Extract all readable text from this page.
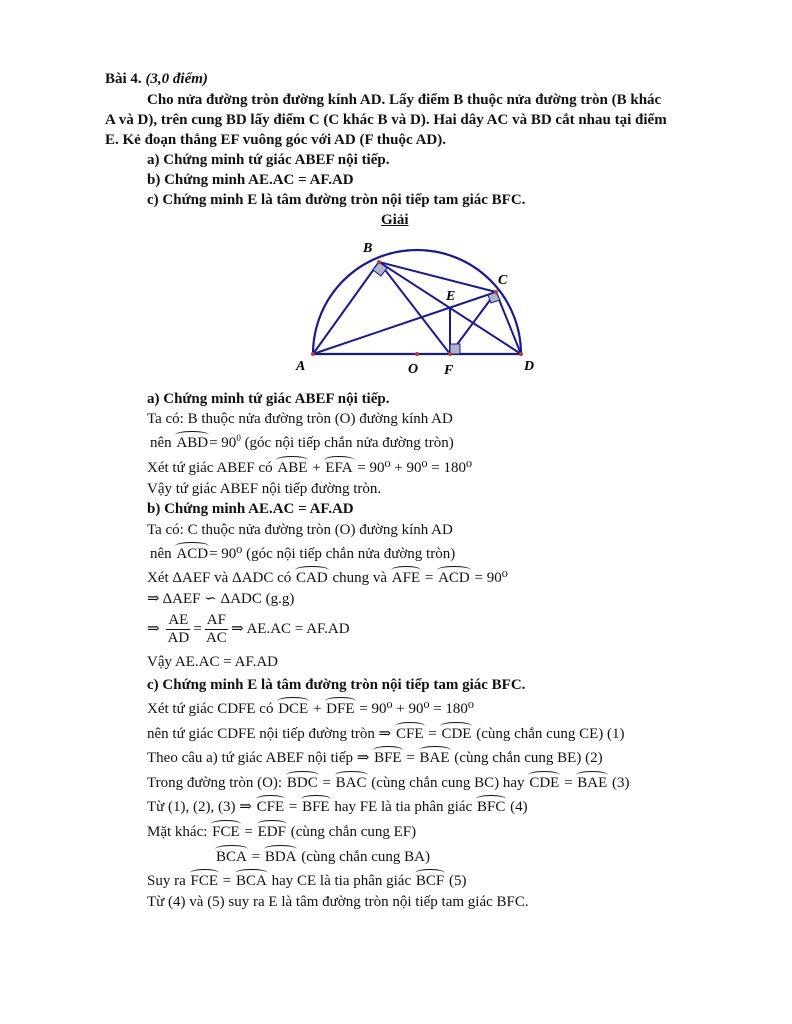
Bài 4. (3,0 điểm)
Cho nửa đường tròn đường kính AD. Lấy điểm B thuộc nửa đường tròn (B khác
A và D), trên cung BD lấy điểm C (C khác B và D). Hai dây AC và BD cắt nhau tại điểm
E. Kẻ đoạn thẳng EF vuông góc với AD (F thuộc AD).
a) Chứng minh tứ giác ABEF nội tiếp.
b) Chứng minh AE.AC = AF.AD
c) Chứng minh E là tâm đường tròn nội tiếp tam giác BFC.
Giải
B
C
E
A	D
O F
a) Chứng minh tứ giác ABEF nội tiếp.
Ta có: B thuộc nửa đường tròn (O) đường kính AD
nên $ABD= 90^0$ (góc nội tiếp chắn nửa đường tròn)
Xét tứ giác ABEF có ABE + EFA = 90⁰ + 90⁰ = 180⁰
Vậy tứ giác ABEF nội tiếp đường tròn.
b) Chứng minh AE.AC = AF.AD
Ta có: C thuộc nửa đường tròn (O) đường kính AD
nên ACD= 90⁰ (góc nội tiếp chắn nửa đường tròn)
Xét ΔAEF và ΔADC có CAD chung và AFE = ACD = 90⁰
⇒ ΔAEF ∽ ΔADC (g.g)
⇒ $\frac{AE}{AD} = \frac{AF}{AC}$ ⇒ AE.AC = AF.AD
Vậy AE.AC = AF.AD
c) Chứng minh E là tâm đường tròn nội tiếp tam giác BFC.
Xét tứ giác CDFE có DCE + DFE = 90⁰ + 90⁰ = 180⁰
nên tứ giác CDFE nội tiếp đường tròn ⇒ CFE = CDE (cùng chắn cung CE) (1)
Theo câu a) tứ giác ABEF nội tiếp ⇒ BFE = BAE (cùng chắn cung BE) (2)
Trong đường tròn (O): BDC = BAC (cùng chắn cung BC) hay CDE = BAE (3)
Từ (1), (2), (3) ⇒ CFE = BFE hay FE là tia phân giác BFC (4)
Mặt khác: FCE = EDF (cùng chắn cung EF)
BCA = BDA (cùng chắn cung BA)
Suy ra FCE = BCA hay CE là tia phân giác BCF (5)
Từ (4) và (5) suy ra E là tâm đường tròn nội tiếp tam giác BFC.
